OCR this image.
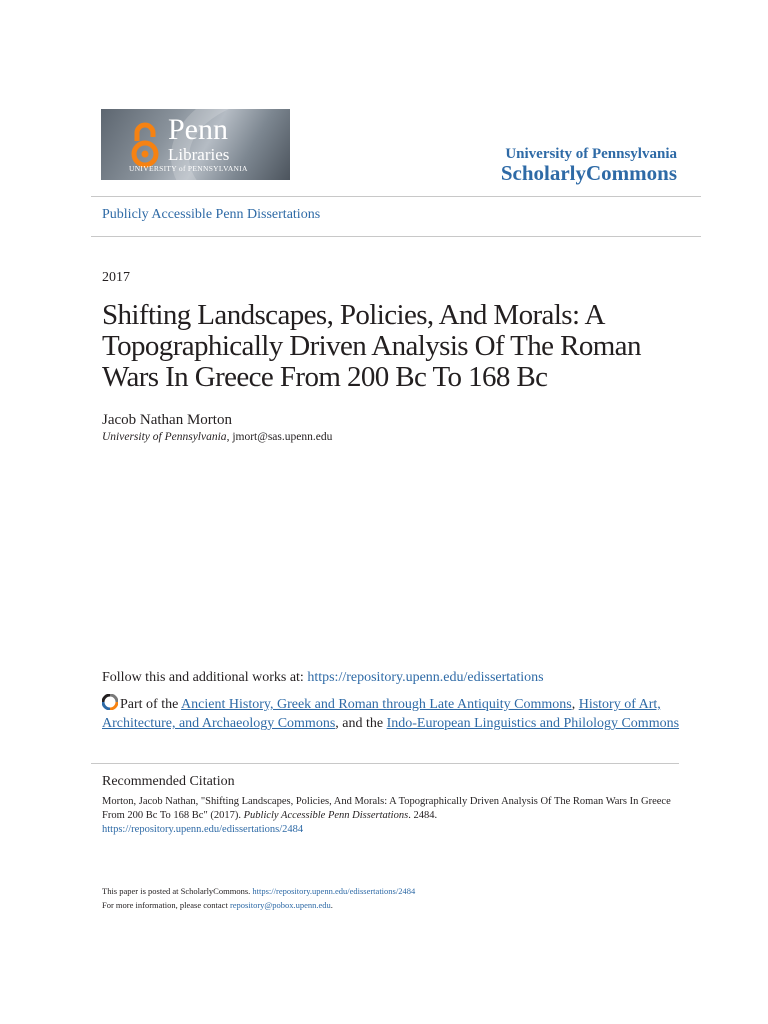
Penn
Libraries
UNIVERSITY of PENNSYLVANIA
University of Pennsylvania
ScholarlyCommons
Publicly Accessible Penn Dissertations
2017
Shifting Landscapes, Policies, And Morals: A Topographically Driven Analysis Of The Roman Wars In Greece From 200 Bc To 168 Bc
Jacob Nathan Morton
University of Pennsylvania, jmort@sas.upenn.edu
Follow this and additional works at: https://repository.upenn.edu/edissertations
Part of the Ancient History, Greek and Roman through Late Antiquity Commons, History of Art, Architecture, and Archaeology Commons, and the Indo-European Linguistics and Philology Commons
Recommended Citation
Morton, Jacob Nathan, "Shifting Landscapes, Policies, And Morals: A Topographically Driven Analysis Of The Roman Wars In Greece From 200 Bc To 168 Bc" (2017). Publicly Accessible Penn Dissertations. 2484.
https://repository.upenn.edu/edissertations/2484
This paper is posted at ScholarlyCommons. https://repository.upenn.edu/edissertations/2484
For more information, please contact repository@pobox.upenn.edu.
